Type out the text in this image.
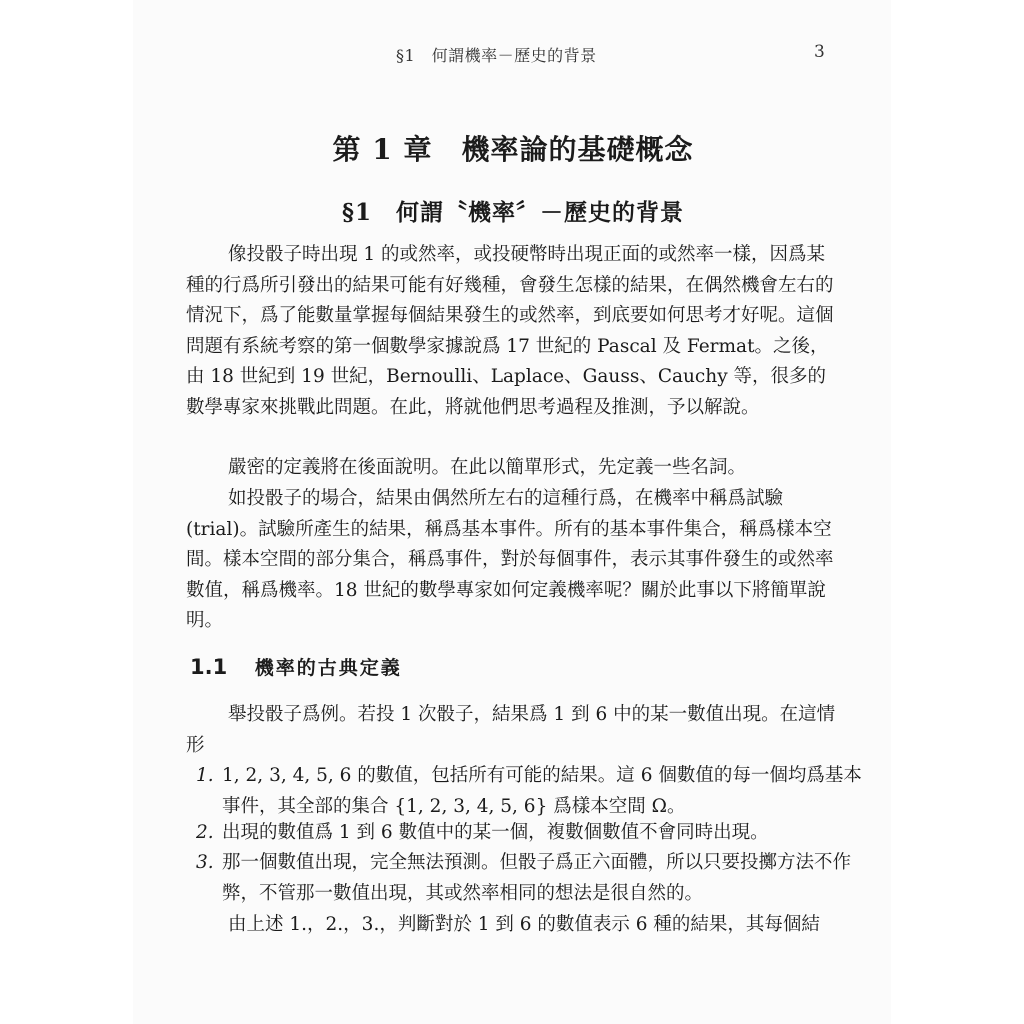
§1　何謂機率－歷史的背景	3
第 1 章　機率論的基礎概念
§1　何謂〝機率〞－歷史的背景

像投骰子時出現 1 的或然率，或投硬幣時出現正面的或然率一樣，因爲某種的行爲所引發出的結果可能有好幾種，會發生怎樣的結果，在偶然機會左右的情況下，爲了能數量掌握每個結果發生的或然率，到底要如何思考才好呢。這個問題有系統考察的第一個數學家據說爲 17 世紀的 Pascal 及 Fermat。之後，由 18 世紀到 19 世紀，Bernoulli、Laplace、Gauss、Cauchy 等，很多的數學專家來挑戰此問題。在此，將就他們思考過程及推測，予以解說。

嚴密的定義將在後面說明。在此以簡單形式，先定義一些名詞。

如投骰子的場合，結果由偶然所左右的這種行爲，在機率中稱爲試驗 (trial)。試驗所產生的結果，稱爲基本事件。所有的基本事件集合，稱爲樣本空間。樣本空間的部分集合，稱爲事件，對於每個事件，表示其事件發生的或然率數值，稱爲機率。18 世紀的數學專家如何定義機率呢？關於此事以下將簡單說明。

1.1 機率的古典定義

舉投骰子爲例。若投 1 次骰子，結果爲 1 到 6 中的某一數值出現。在這情形

1. 1, 2, 3, 4, 5, 6 的數值，包括所有可能的結果。這 6 個數值的每一個均爲基本事件，其全部的集合 {1, 2, 3, 4, 5, 6} 爲樣本空間 Ω。

2. 出現的數值爲 1 到 6 數值中的某一個，複數個數值不會同時出現。

3. 那一個數值出現，完全無法預測。但骰子爲正六面體，所以只要投擲方法不作弊，不管那一數值出現，其或然率相同的想法是很自然的。

由上述 1.，2.，3.，判斷對於 1 到 6 的數值表示 6 種的結果，其每個結
